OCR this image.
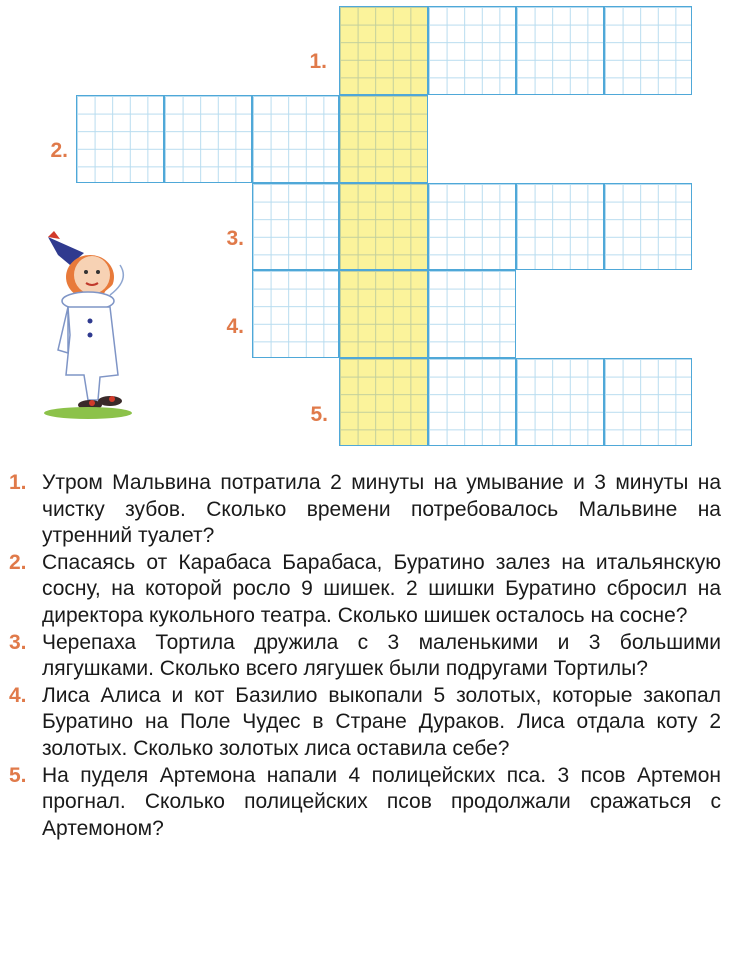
1.
2.
3.
4.
5.
1. Утром Мальвина потратила 2 минуты на умывание и 3 минуты на чистку зубов. Сколько времени потребовалось Мальвине на утренний туалет?
2. Спасаясь от Карабаса Барабаса, Буратино залез на итальянскую сосну, на которой росло 9 шишек. 2 шишки Буратино сбросил на директора кукольного театра. Сколько шишек осталось на сосне?
3. Черепаха Тортила дружила с 3 маленькими и 3 большими лягушками. Сколько всего лягушек были подругами Тортилы?
4. Лиса Алиса и кот Базилио выкопали 5 золотых, которые закопал Буратино на Поле Чудес в Стране Дураков. Лиса отдала коту 2 золотых. Сколько золотых лиса оставила себе?
5. На пуделя Артемона напали 4 полицейских пса. 3 псов Артемон прогнал. Сколько полицейских псов продолжали сражаться с Артемоном?
